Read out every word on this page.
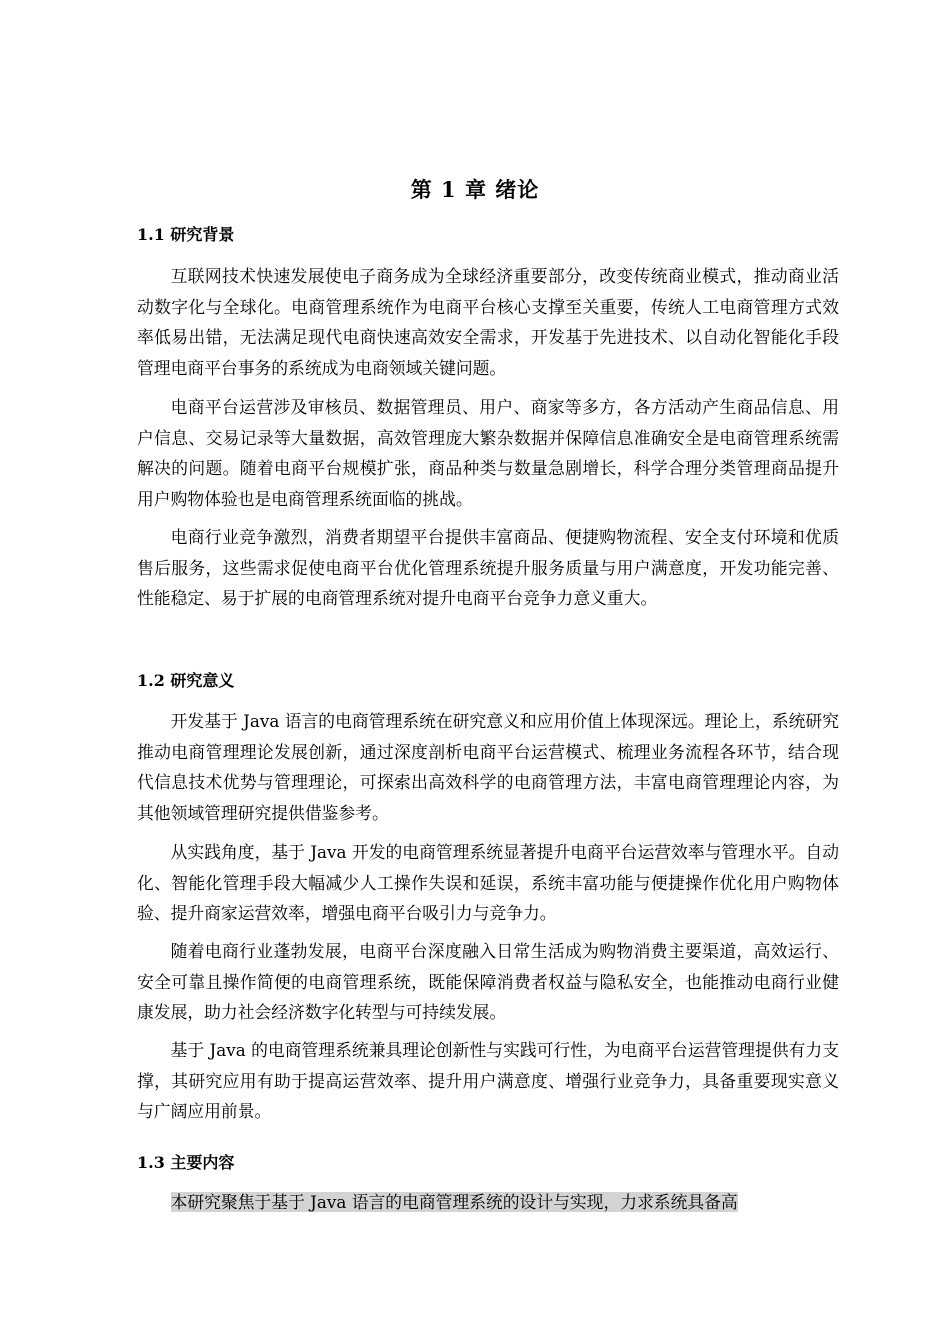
第 1 章 绪论
1.1 研究背景
互联网技术快速发展使电子商务成为全球经济重要部分，改变传统商业模式，推动商业活动数字化与全球化。电商管理系统作为电商平台核心支撑至关重要，传统人工电商管理方式效率低易出错，无法满足现代电商快速高效安全需求，开发基于先进技术、以自动化智能化手段管理电商平台事务的系统成为电商领域关键问题。
电商平台运营涉及审核员、数据管理员、用户、商家等多方，各方活动产生商品信息、用户信息、交易记录等大量数据，高效管理庞大繁杂数据并保障信息准确安全是电商管理系统需解决的问题。随着电商平台规模扩张，商品种类与数量急剧增长，科学合理分类管理商品提升用户购物体验也是电商管理系统面临的挑战。
电商行业竞争激烈，消费者期望平台提供丰富商品、便捷购物流程、安全支付环境和优质售后服务，这些需求促使电商平台优化管理系统提升服务质量与用户满意度，开发功能完善、性能稳定、易于扩展的电商管理系统对提升电商平台竞争力意义重大。
1.2 研究意义
开发基于 Java 语言的电商管理系统在研究意义和应用价值上体现深远。理论上，系统研究推动电商管理理论发展创新，通过深度剖析电商平台运营模式、梳理业务流程各环节，结合现代信息技术优势与管理理论，可探索出高效科学的电商管理方法，丰富电商管理理论内容，为其他领域管理研究提供借鉴参考。
从实践角度，基于 Java 开发的电商管理系统显著提升电商平台运营效率与管理水平。自动化、智能化管理手段大幅减少人工操作失误和延误，系统丰富功能与便捷操作优化用户购物体验、提升商家运营效率，增强电商平台吸引力与竞争力。
随着电商行业蓬勃发展，电商平台深度融入日常生活成为购物消费主要渠道，高效运行、安全可靠且操作简便的电商管理系统，既能保障消费者权益与隐私安全，也能推动电商行业健康发展，助力社会经济数字化转型与可持续发展。
基于 Java 的电商管理系统兼具理论创新性与实践可行性，为电商平台运营管理提供有力支撑，其研究应用有助于提高运营效率、提升用户满意度、增强行业竞争力，具备重要现实意义与广阔应用前景。
1.3 主要内容
本研究聚焦于基于 Java 语言的电商管理系统的设计与实现，力求系统具备高
